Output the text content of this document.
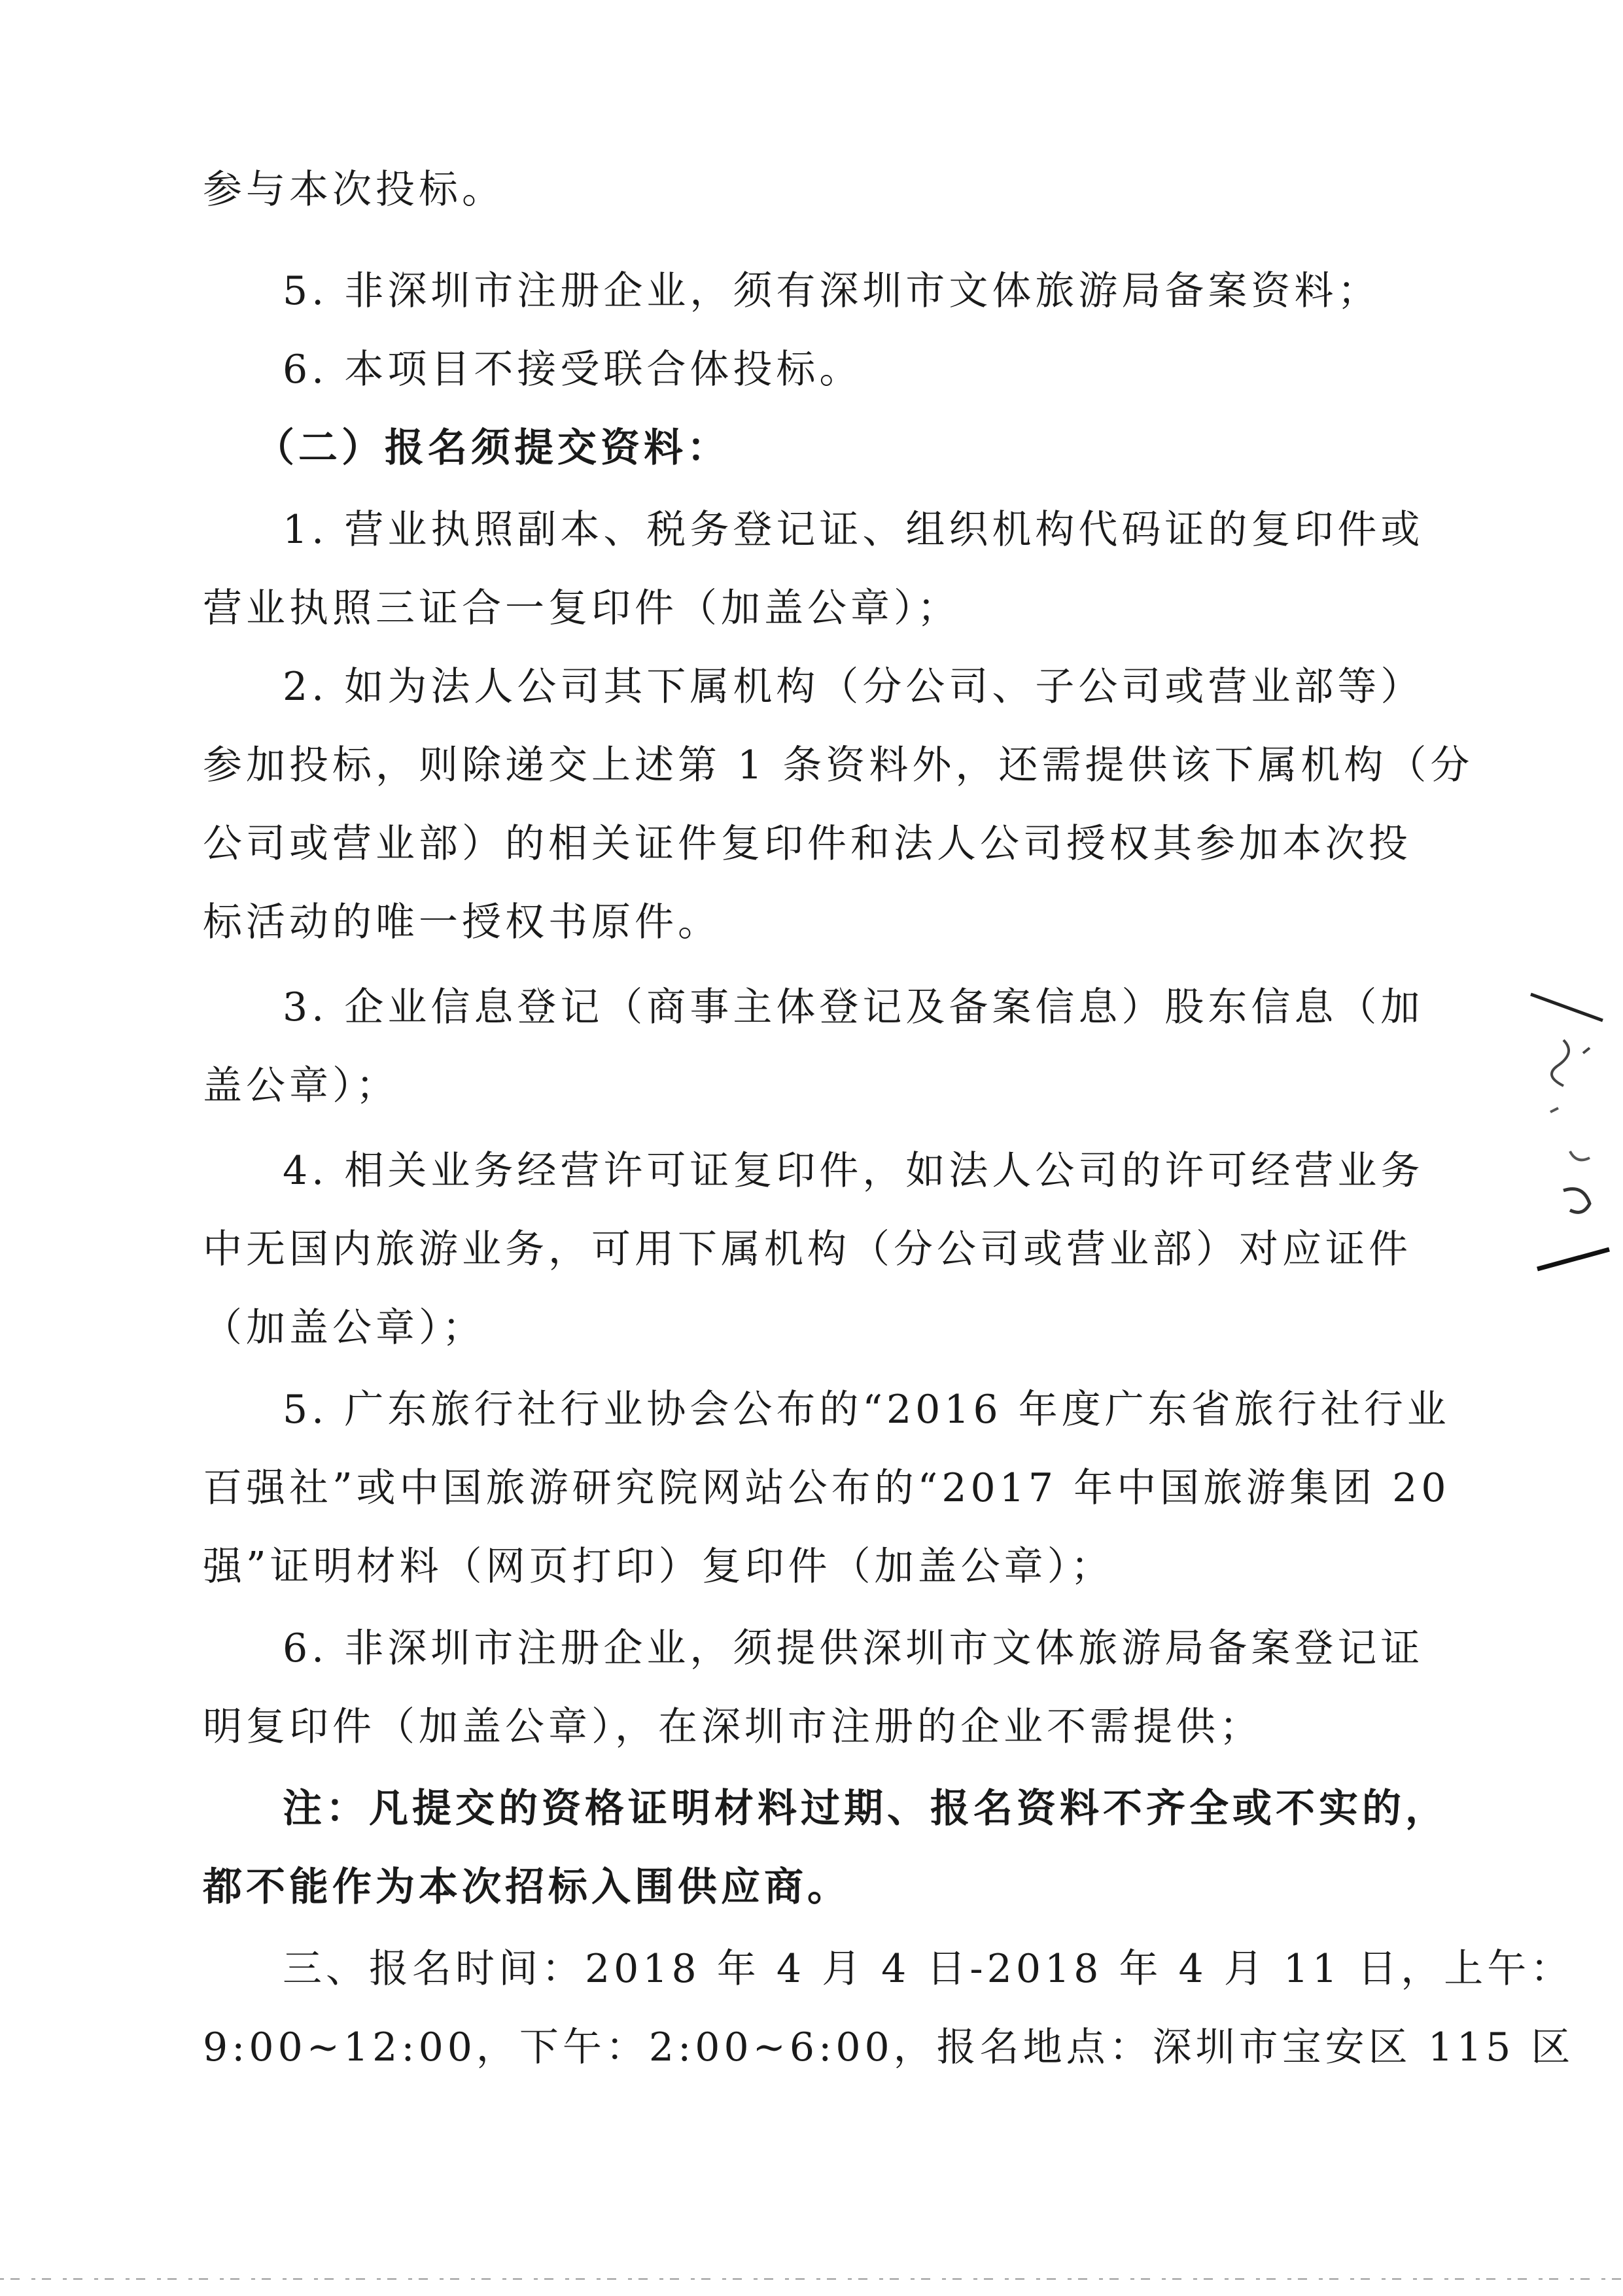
参与本次投标。
5. 非深圳市注册企业，须有深圳市文体旅游局备案资料；
6. 本项目不接受联合体投标。
（二）报名须提交资料：
1. 营业执照副本、税务登记证、组织机构代码证的复印件或
营业执照三证合一复印件（加盖公章）；
2. 如为法人公司其下属机构（分公司、子公司或营业部等）
参加投标，则除递交上述第 1 条资料外，还需提供该下属机构（分
公司或营业部）的相关证件复印件和法人公司授权其参加本次投
标活动的唯一授权书原件。
3. 企业信息登记（商事主体登记及备案信息）股东信息（加
盖公章）；
4. 相关业务经营许可证复印件，如法人公司的许可经营业务
中无国内旅游业务，可用下属机构（分公司或营业部）对应证件
（加盖公章）；
5. 广东旅行社行业协会公布的“2016 年度广东省旅行社行业
百强社”或中国旅游研究院网站公布的“2017 年中国旅游集团 20
强”证明材料（网页打印）复印件（加盖公章）；
6. 非深圳市注册企业，须提供深圳市文体旅游局备案登记证
明复印件（加盖公章），在深圳市注册的企业不需提供；
注：凡提交的资格证明材料过期、报名资料不齐全或不实的，
都不能作为本次招标入围供应商。
三、报名时间：2018 年 4 月 4 日-2018 年 4 月 11 日，上午：
9:00~12:00，下午：2:00~6:00，报名地点：深圳市宝安区 115 区
